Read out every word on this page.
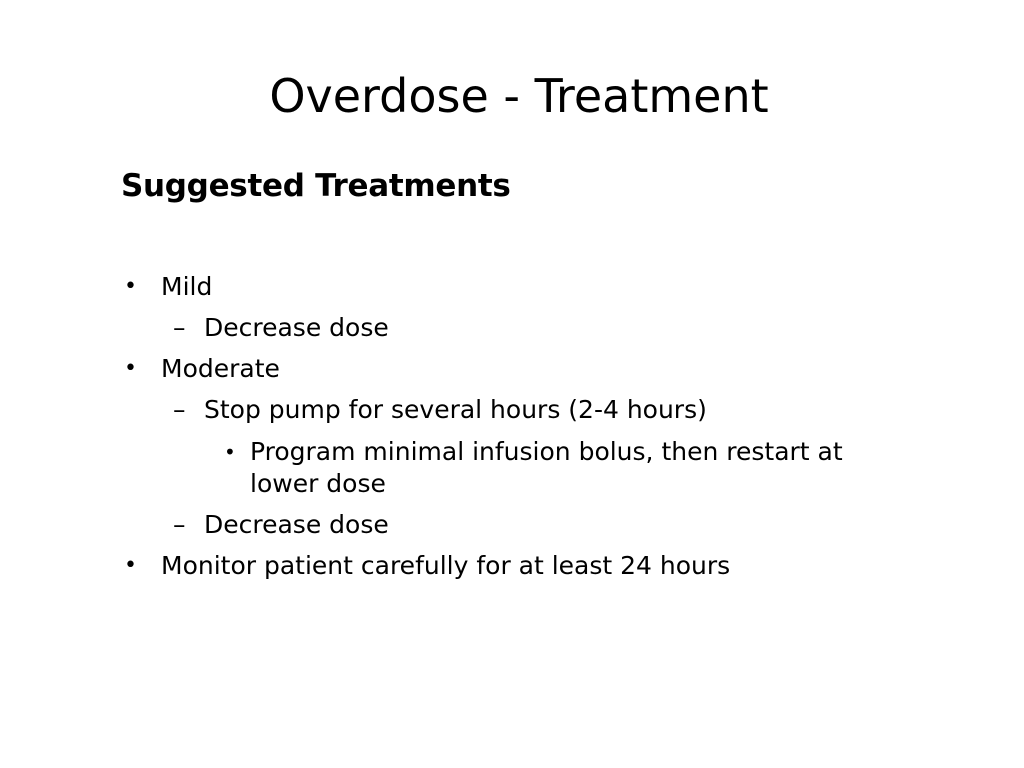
Overdose - Treatment
Suggested Treatments
• Mild
– Decrease dose
• Moderate
– Stop pump for several hours (2-4 hours)
• Program minimal infusion bolus, then restart at
lower dose
– Decrease dose
• Monitor patient carefully for at least 24 hours
